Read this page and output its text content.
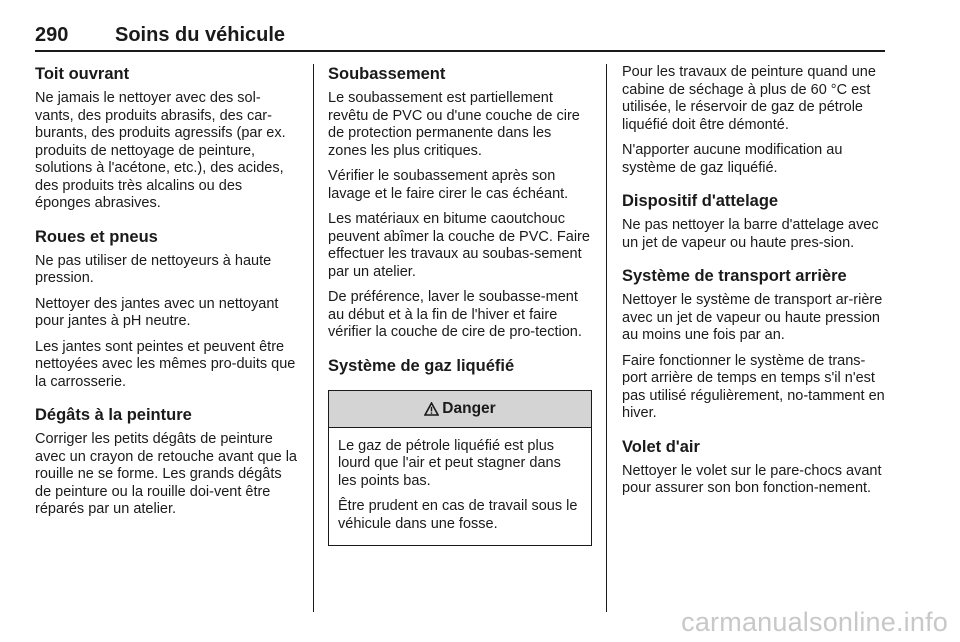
290 Soins du véhicule
Toit ouvrant

Ne jamais le nettoyer avec des sol-vants, des produits abrasifs, des car-burants, des produits agressifs (par ex. produits de nettoyage de peinture, solutions à l'acétone, etc.), des acides, des produits très alcalins ou des éponges abrasives.

Roues et pneus

Ne pas utiliser de nettoyeurs à haute pression.

Nettoyer des jantes avec un nettoyant pour jantes à pH neutre.

Les jantes sont peintes et peuvent être nettoyées avec les mêmes pro-duits que la carrosserie.

Dégâts à la peinture

Corriger les petits dégâts de peinture avec un crayon de retouche avant que la rouille ne se forme. Les grands dégâts de peinture ou la rouille doi-vent être réparés par un atelier.

Soubassement

Le soubassement est partiellement revêtu de PVC ou d'une couche de cire de protection permanente dans les zones les plus critiques.

Vérifier le soubassement après son lavage et le faire cirer le cas échéant.

Les matériaux en bitume caoutchouc peuvent abîmer la couche de PVC. Faire effectuer les travaux au soubas-sement par un atelier.

De préférence, laver le soubasse-ment au début et à la fin de l'hiver et faire vérifier la couche de cire de pro-tection.

Système de gaz liquéfié
Danger

Le gaz de pétrole liquéfié est plus lourd que l'air et peut stagner dans les points bas.

Être prudent en cas de travail sous le véhicule dans une fosse.

Pour les travaux de peinture quand une cabine de séchage à plus de 60 °C est utilisée, le réservoir de gaz de pétrole liquéfié doit être démonté.

N'apporter aucune modification au système de gaz liquéfié.

Dispositif d'attelage

Ne pas nettoyer la barre d'attelage avec un jet de vapeur ou haute pres-sion.

Système de transport arrière

Nettoyer le système de transport ar-rière avec un jet de vapeur ou haute pression au moins une fois par an.

Faire fonctionner le système de trans-port arrière de temps en temps s'il n'est pas utilisé régulièrement, no-tamment en hiver.

Volet d'air

Nettoyer le volet sur le pare-chocs avant pour assurer son bon fonction-nement.

carmanualsonline.info
